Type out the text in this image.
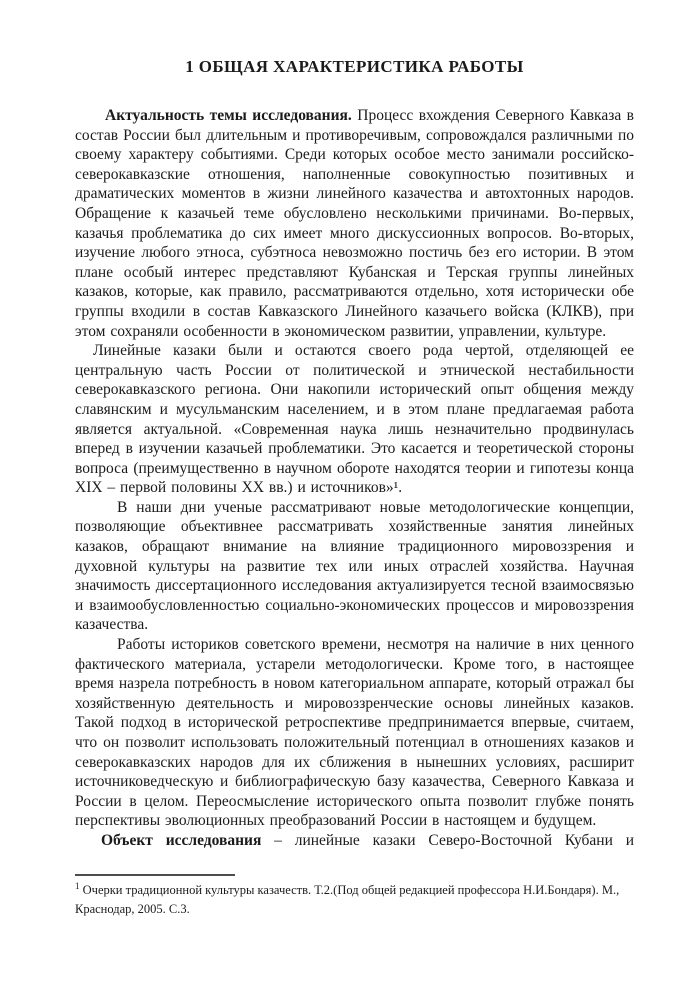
1 ОБЩАЯ ХАРАКТЕРИСТИКА РАБОТЫ

Актуальность темы исследования. Процесс вхождения Северного Кавказа в состав России был длительным и противоречивым, сопровождался различными по своему характеру событиями. Среди которых особое место занимали российско-северокавказские отношения, наполненные совокупностью позитивных и драматических моментов в жизни линейного казачества и автохтонных народов. Обращение к казачьей теме обусловлено несколькими причинами. Во-первых, казачья проблематика до сих имеет много дискуссионных вопросов. Во-вторых, изучение любого этноса, субэтноса невозможно постичь без его истории. В этом плане особый интерес представляют Кубанская и Терская группы линейных казаков, которые, как правило, рассматриваются отдельно, хотя исторически обе группы входили в состав Кавказского Линейного казачьего войска (КЛКВ), при этом сохраняли особенности в экономическом развитии, управлении, культуре.

Линейные казаки были и остаются своего рода чертой, отделяющей ее центральную часть России от политической и этнической нестабильности северокавказского региона. Они накопили исторический опыт общения между славянским и мусульманским населением, и в этом плане предлагаемая работа является актуальной. «Современная наука лишь незначительно продвинулась вперед в изучении казачьей проблематики. Это касается и теоретической стороны вопроса (преимущественно в научном обороте находятся теории и гипотезы конца XIX – первой половины XX вв.) и источников»¹.

В наши дни ученые рассматривают новые методологические концепции, позволяющие объективнее рассматривать хозяйственные занятия линейных казаков, обращают внимание на влияние традиционного мировоззрения и духовной культуры на развитие тех или иных отраслей хозяйства. Научная значимость диссертационного исследования актуализируется тесной взаимосвязью и взаимообусловленностью социально-экономических процессов и мировоззрения казачества.

Работы историков советского времени, несмотря на наличие в них ценного фактического материала, устарели методологически. Кроме того, в настоящее время назрела потребность в новом категориальном аппарате, который отражал бы хозяйственную деятельность и мировоззренческие основы линейных казаков. Такой подход в исторической ретроспективе предпринимается впервые, считаем, что он позволит использовать положительный потенциал в отношениях казаков и северокавказских народов для их сближения в нынешних условиях, расширит источниковедческую и библиографическую базу казачества, Северного Кавказа и России в целом. Переосмысление исторического опыта позволит глубже понять перспективы эволюционных преобразований России в настоящем и будущем.

Объект исследования – линейные казаки Северо-Восточной Кубани и

$^1$ Очерки традиционной культуры казачеств. Т.2.(Под общей редакцией профессора Н.И.Бондаря). М., Краснодар, 2005. С.3.
